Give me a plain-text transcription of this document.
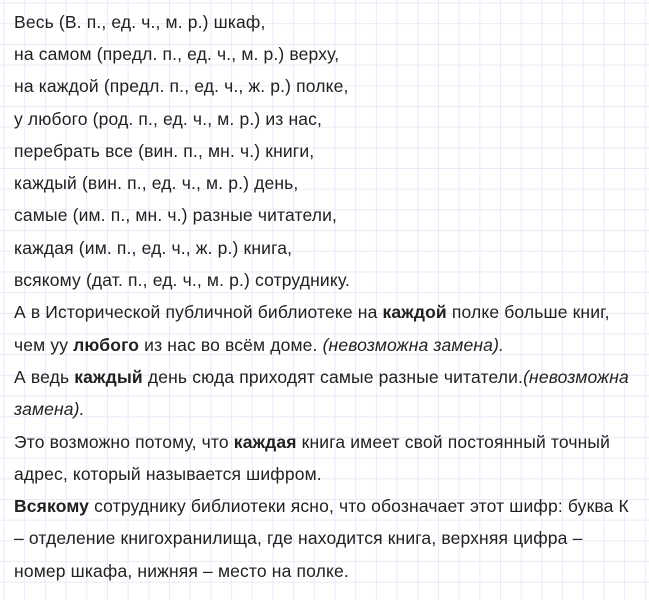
Весь (В. п., ед. ч., м. р.) шкаф,
на самом (предл. п., ед. ч., м. р.) верху,
на каждой (предл. п., ед. ч., ж. р.) полке,
у любого (род. п., ед. ч., м. р.) из нас,
перебрать все (вин. п., мн. ч.) книги,
каждый (вин. п., ед. ч., м. р.) день,
самые (им. п., мн. ч.) разные читатели,
каждая (им. п., ед. ч., ж. р.) книга,
всякому (дат. п., ед. ч., м. р.) сотруднику.
А в Исторической публичной библиотеке на каждой полке больше книг,
чем уу любого из нас во всём доме. (невозможна замена).
А ведь каждый день сюда приходят самые разные читатели. (невозможна
замена).
Это возможно потому, что каждая книга имеет свой постоянный точный
адрес, который называется шифром.
Всякому сотруднику библиотеки ясно, что обозначает этот шифр: буква К
– отделение книгохранилища, где находится книга, верхняя цифра –
номер шкафа, нижняя – место на полке.
